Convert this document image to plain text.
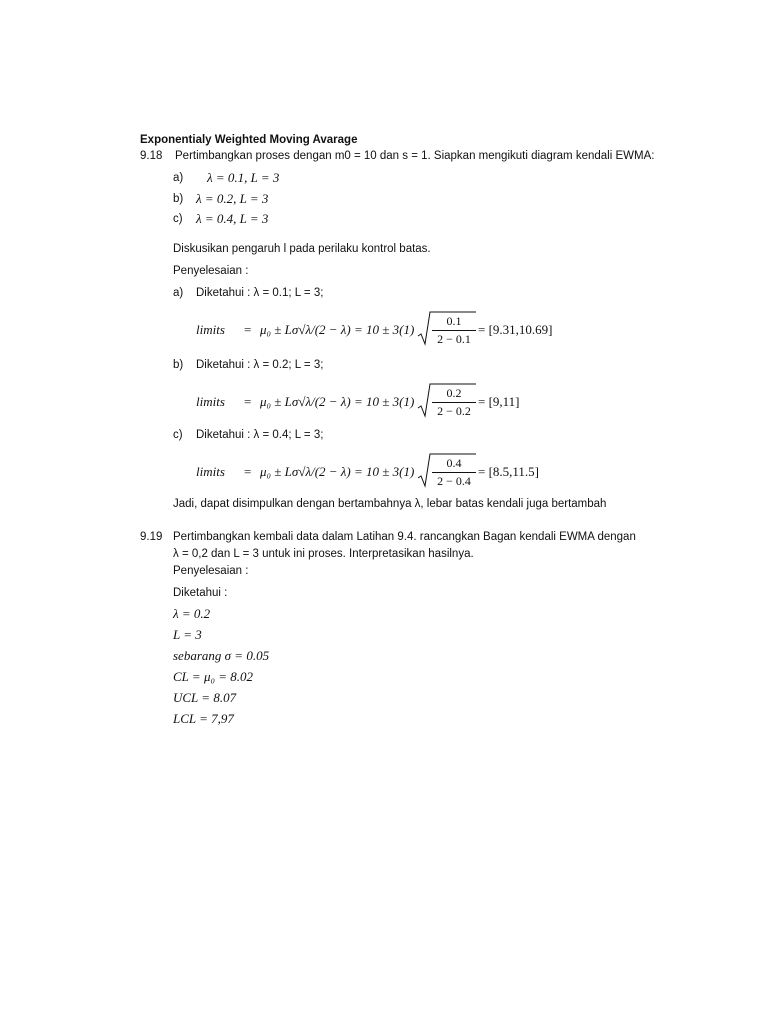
Exponentialy Weighted Moving Avarage
9.18 Pertimbangkan proses dengan m0 = 10 dan s = 1. Siapkan mengikuti diagram kendali EWMA:
a) λ = 0.1, L = 3
b) λ = 0.2, L = 3
c) λ = 0.4, L = 3
Diskusikan pengaruh l pada perilaku kontrol batas.
Penyelesaian :
a) Diketahui : λ = 0.1; L = 3;
limits = μ₀ ± Lσ√λ/(2 − λ) = 10 ± 3(1)
0.1
2 − 0.1
= [9.31,10.69]
b) Diketahui : λ = 0.2; L = 3;
limits = μ₀ ± Lσ√λ/(2 − λ) = 10 ± 3(1)
0.2
2 − 0.2
= [9,11]
c) Diketahui : λ = 0.4; L = 3;
limits = μ₀ ± Lσ√λ/(2 − λ) = 10 ± 3(1)
0.4
2 − 0.4
= [8.5,11.5]
Jadi, dapat disimpulkan dengan bertambahnya λ, lebar batas kendali juga bertambah
9.19 Pertimbangkan kembali data dalam Latihan 9.4. rancangkan Bagan kendali EWMA dengan
λ = 0,2 dan L = 3 untuk ini proses. Interpretasikan hasilnya.
Penyelesaian :
Diketahui :
λ = 0.2
L = 3
sebarang σ = 0.05
CL = μ₀ = 8.02
UCL = 8.07
LCL = 7,97
